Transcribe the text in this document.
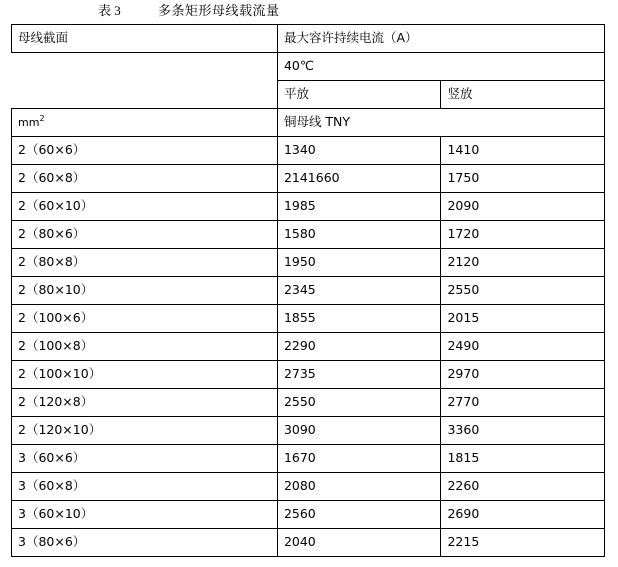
表 3	多条矩形母线载流量
母线截面	最大容许持续电流（A）	
	40℃	
	平放	竖放
$mm^2$	铜母线 TNY	
2（60×6）	1340	1410
2（60×8）	2141660	1750
2（60×10）	1985	2090
2（80×6）	1580	1720
2（80×8）	1950	2120
2（80×10）	2345	2550
2（100×6）	1855	2015
2（100×8）	2290	2490
2（100×10）	2735	2970
2（120×8）	2550	2770
2（120×10）	3090	3360
3（60×6）	1670	1815
3（60×8）	2080	2260
3（60×10）	2560	2690
3（80×6）	2040	2215
